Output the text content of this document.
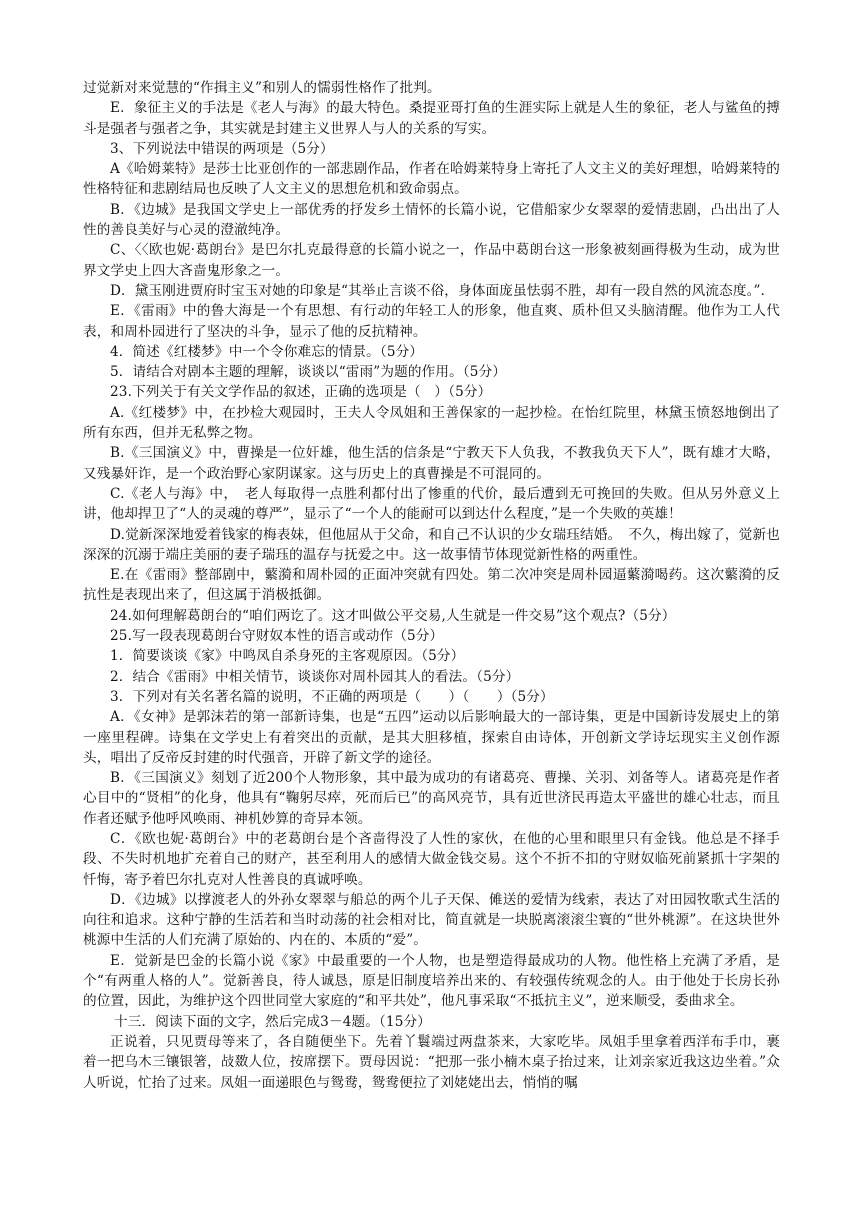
过觉新对来觉慧的“作揖主义”和别人的懦弱性格作了批判。

E．象征主义的手法是《老人与海》的最大特色。桑提亚哥打鱼的生涯实际上就是人生的象征，老人与鲨鱼的搏斗是强者与强者之争，其实就是封建主义世界人与人的关系的写实。

3、下列说法中错误的两项是（5分）

A《哈姆莱特》是莎士比亚创作的一部悲剧作品，作者在哈姆莱特身上寄托了人文主义的美好理想，哈姆莱特的性格特征和悲剧结局也反映了人文主义的思想危机和致命弱点。

B．《边城》是我国文学史上一部优秀的抒发乡土情怀的长篇小说，它借船家少女翠翠的爱情悲剧，凸出出了人性的善良美好与心灵的澄澈纯净。

C、〈〈欧也妮·葛朗台》是巴尔扎克最得意的长篇小说之一，作品中葛朗台这一形象被刻画得极为生动，成为世界文学史上四大吝啬鬼形象之一。

D．黛玉刚进贾府时宝玉对她的印象是“其举止言谈不俗，身体面庞虽怯弱不胜，却有一段自然的风流态度。”．

E．《雷雨》中的鲁大海是一个有思想、有行动的年轻工人的形象，他直爽、质朴但又头脑清醒。他作为工人代表，和周朴园进行了坚决的斗争，显示了他的反抗精神。

4．简述《红楼梦》中一个令你难忘的情景。（5分）

5．请结合对剧本主题的理解，谈谈以“雷雨”为题的作用。（5分）

23.下列关于有关文学作品的叙述，正确的选项是（　）（5分）

A.《红楼梦》中，在抄检大观园时，王夫人令凤姐和王善保家的一起抄检。在怡红院里，林黛玉愤怒地倒出了所有东西，但并无私弊之物。

B.《三国演义》中，曹操是一位奸雄，他生活的信条是“宁教天下人负我，不教我负天下人”，既有雄才大略，又残暴奸诈，是一个政治野心家阴谋家。这与历史上的真曹操是不可混同的。

C.《老人与海》中，　老人每取得一点胜利都付出了惨重的代价，最后遭到无可挽回的失败。但从另外意义上讲，他却捍卫了“人的灵魂的尊严”，显示了“一个人的能耐可以到达什么程度，”是一个失败的英雄！

D.觉新深深地爱着钱家的梅表妹，但他屈从于父命，和自己不认识的少女瑞珏结婚。　不久，梅出嫁了，觉新也深深的沉溺于端庄美丽的妻子瑞珏的温存与抚爱之中。这一故事情节体现觉新性格的两重性。

E.在《雷雨》整部剧中，蘩漪和周朴园的正面冲突就有四处。第二次冲突是周朴园逼蘩漪喝药。这次蘩漪的反抗性是表现出来了，但这属于消极抵御。

24.如何理解葛朗台的“咱们两讫了。这才叫做公平交易,人生就是一件交易”这个观点?（5分）

25.写一段表现葛朗台守财奴本性的语言或动作（5分）

1．简要谈谈《家》中鸣凤自杀身死的主客观原因。（5分）

2．结合《雷雨》中相关情节，谈谈你对周朴园其人的看法。（5分）

3．下列对有关名著名篇的说明，不正确的两项是（　　）（　　）（5分）

A．《女神》是郭沫若的第一部新诗集，也是“五四”运动以后影响最大的一部诗集，更是中国新诗发展史上的第一座里程碑。诗集在文学史上有着突出的贡献，是其大胆移植，探索自由诗体，开创新文学诗坛现实主义创作源头，唱出了反帝反封建的时代强音，开辟了新文学的途径。

B．《三国演义》刻划了近200个人物形象，其中最为成功的有诸葛亮、曹操、关羽、刘备等人。诸葛亮是作者心目中的“贤相”的化身，他具有“鞠躬尽瘁，死而后已”的高风亮节，具有近世济民再造太平盛世的雄心壮志，而且作者还赋予他呼风唤雨、神机妙算的奇异本领。

C．《欧也妮·葛朗台》中的老葛朗台是个吝啬得没了人性的家伙，在他的心里和眼里只有金钱。他总是不择手段、不失时机地扩充着自己的财产，甚至利用人的感情大做金钱交易。这个不折不扣的守财奴临死前紧抓十字架的忏悔，寄予着巴尔扎克对人性善良的真诚呼唤。

D．《边城》以撑渡老人的外孙女翠翠与船总的两个儿子天保、傩送的爱情为线索，表达了对田园牧歌式生活的向往和追求。这种宁静的生活若和当时动荡的社会相对比，简直就是一块脱离滚滚尘寰的“世外桃源”。在这块世外桃源中生活的人们充满了原始的、内在的、本质的“爱”。

E．觉新是巴金的长篇小说《家》中最重要的一个人物，也是塑造得最成功的人物。他性格上充满了矛盾，是个“有两重人格的人”。觉新善良，待人诚恳，原是旧制度培养出来的、有较强传统观念的人。由于他处于长房长孙的位置，因此，为维护这个四世同堂大家庭的“和平共处”，他凡事采取“不抵抗主义”，逆来顺受，委曲求全。

十三．阅读下面的文字，然后完成3－4题。（15分）

正说着，只见贾母等来了，各自随便坐下。先着丫鬟端过两盘茶来，大家吃毕。凤姐手里拿着西洋布手巾，裹着一把乌木三镶银箸，敁敪人位，按席摆下。贾母因说：“把那一张小楠木桌子抬过来，让刘亲家近我这边坐着。”众人听说，忙抬了过来。凤姐一面递眼色与鸳鸯，鸳鸯便拉了刘姥姥出去，悄悄的嘱
